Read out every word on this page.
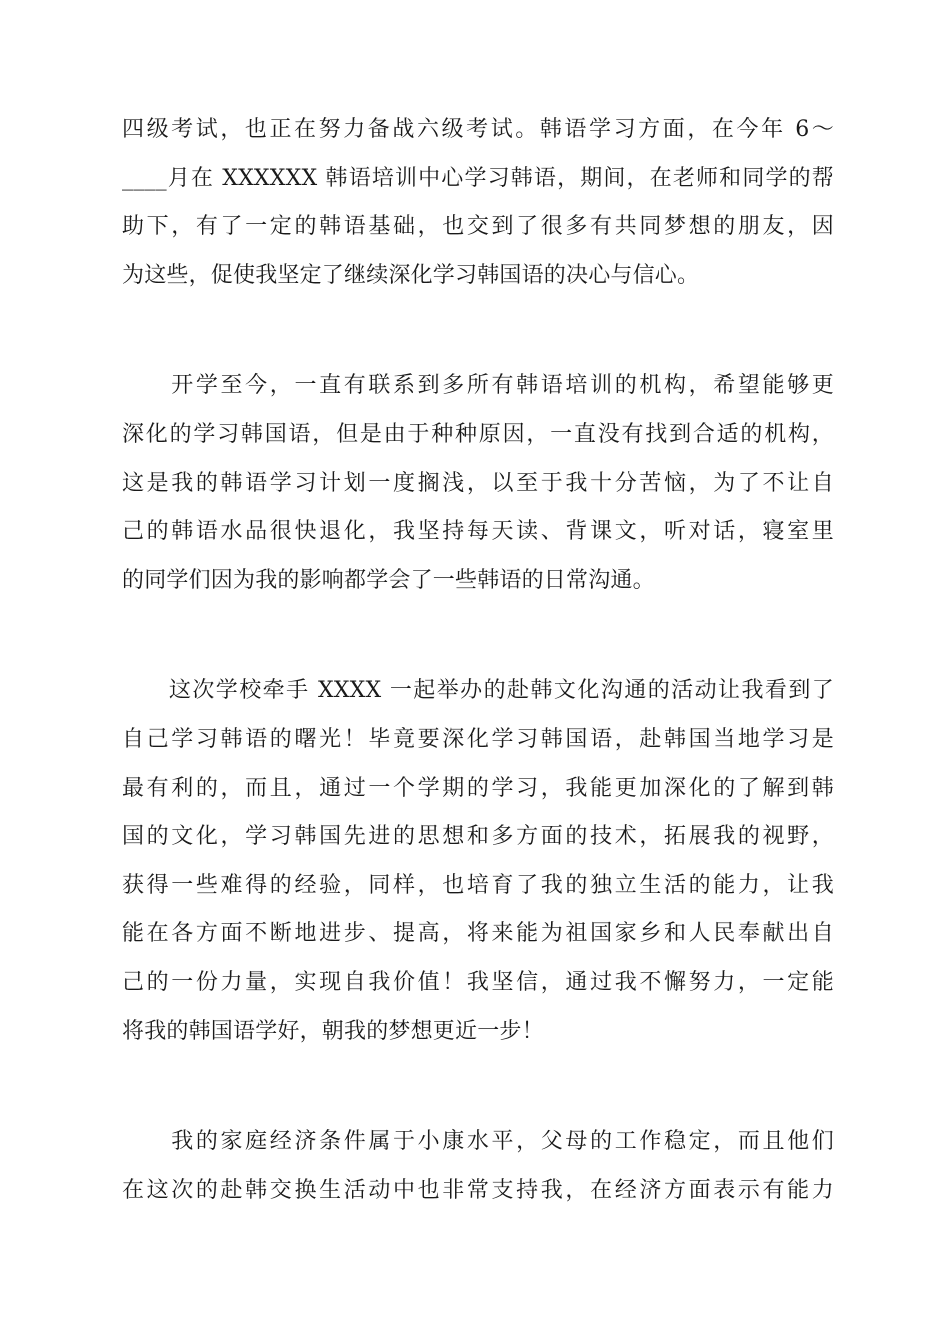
四级考试，也正在努力备战六级考试。韩语学习方面，在今年 6～
____月在 XXXXXX 韩语培训中心学习韩语，期间，在老师和同学的帮
助下，有了一定的韩语基础，也交到了很多有共同梦想的朋友，因
为这些，促使我坚定了继续深化学习韩国语的决心与信心。
　　开学至今，一直有联系到多所有韩语培训的机构，希望能够更
深化的学习韩国语，但是由于种种原因，一直没有找到合适的机构，
这是我的韩语学习计划一度搁浅，以至于我十分苦恼，为了不让自
己的韩语水品很快退化，我坚持每天读、背课文，听对话，寝室里
的同学们因为我的影响都学会了一些韩语的日常沟通。
　　这次学校牵手 XXXX 一起举办的赴韩文化沟通的活动让我看到了
自己学习韩语的曙光！毕竟要深化学习韩国语，赴韩国当地学习是
最有利的，而且，通过一个学期的学习，我能更加深化的了解到韩
国的文化，学习韩国先进的思想和多方面的技术，拓展我的视野，
获得一些难得的经验，同样，也培育了我的独立生活的能力，让我
能在各方面不断地进步、提高，将来能为祖国家乡和人民奉献出自
己的一份力量，实现自我价值！我坚信，通过我不懈努力，一定能
将我的韩国语学好，朝我的梦想更近一步！
　　我的家庭经济条件属于小康水平，父母的工作稳定，而且他们
在这次的赴韩交换生活动中也非常支持我，在经济方面表示有能力
